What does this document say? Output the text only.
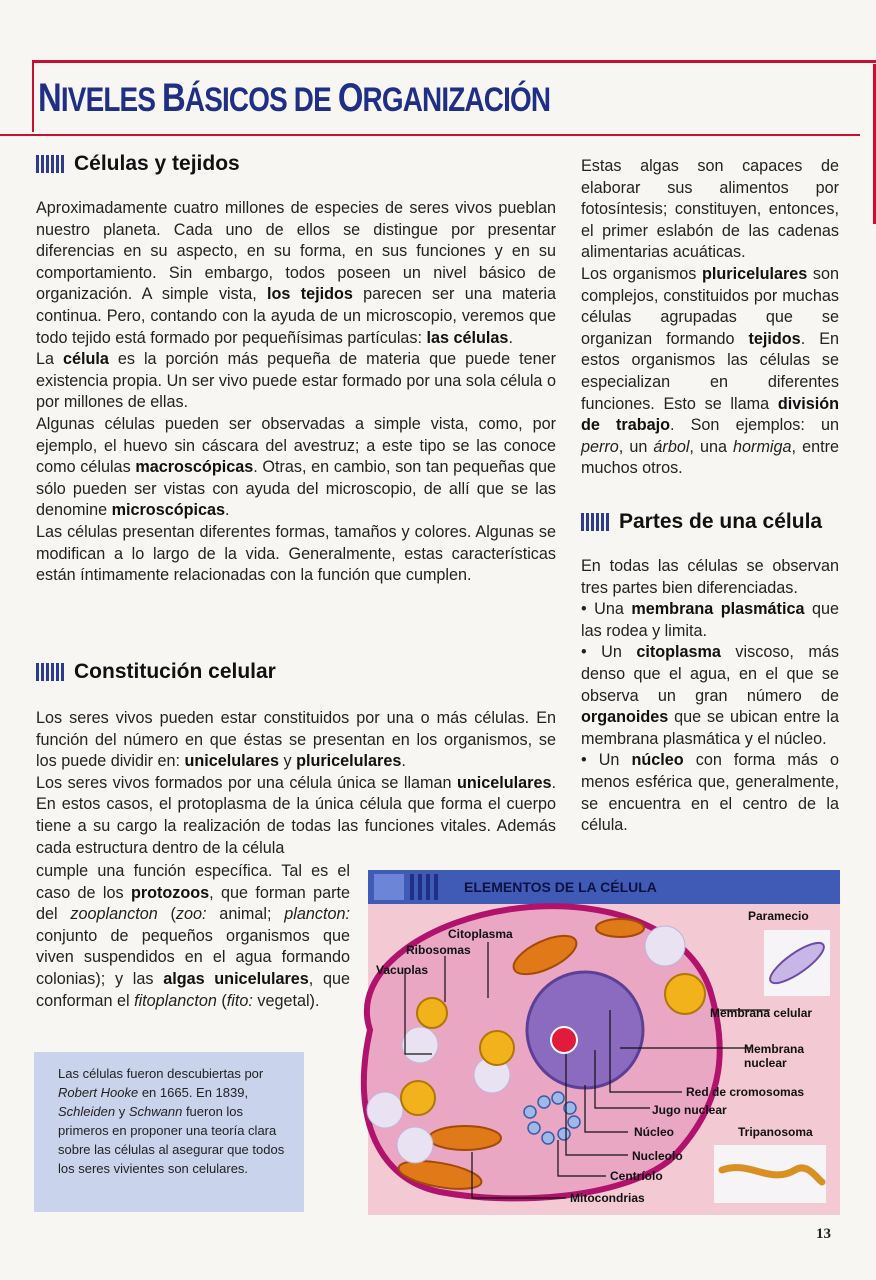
NIVELES BÁSICOS DE ORGANIZACIÓN
Células y tejidos

Aproximadamente cuatro millones de especies de seres vivos pueblan nuestro planeta. Cada uno de ellos se distingue por presentar diferencias en su aspecto, en su forma, en sus funciones y en su comportamiento. Sin embargo, todos poseen un nivel básico de organización. A simple vista, los tejidos parecen ser una materia continua. Pero, contando con la ayuda de un microscopio, veremos que todo tejido está formado por pequeñísimas partículas: las células.

La célula es la porción más pequeña de materia que puede tener existencia propia. Un ser vivo puede estar formado por una sola célula o por millones de ellas.

Algunas células pueden ser observadas a simple vista, como, por ejemplo, el huevo sin cáscara del avestruz; a este tipo se las conoce como células macroscópicas. Otras, en cambio, son tan pequeñas que sólo pueden ser vistas con ayuda del microscopio, de allí que se las denomine microscópicas.

Las células presentan diferentes formas, tamaños y colores. Algunas se modifican a lo largo de la vida. Generalmente, estas características están íntimamente relacionadas con la función que cumplen.

Constitución celular

Los seres vivos pueden estar constituidos por una o más células. En función del número en que éstas se presentan en los organismos, se los puede dividir en: unicelulares y pluricelulares.

Los seres vivos formados por una célula única se llaman unicelulares. En estos casos, el protoplasma de la única célula que forma el cuerpo tiene a su cargo la realización de todas las funciones vitales. Además cada estructura dentro de la célula

cumple una función específica. Tal es el caso de los protozoos, que forman parte del zooplancton (zoo: animal; plancton: conjunto de pequeños organismos que viven suspendidos en el agua formando colonias); y las algas unicelulares, que conforman el fitoplancton (fito: vegetal).

Las células fueron descubiertas por Robert Hooke en 1665. En 1839, Schleiden y Schwann fueron los primeros en proponer una teoría clara sobre las células al asegurar que todos los seres vivientes son celulares.

Estas algas son capaces de elaborar sus alimentos por fotosíntesis; constituyen, entonces, el primer eslabón de las cadenas alimentarias acuáticas.

Los organismos pluricelulares son complejos, constituidos por muchas células agrupadas que se organizan formando tejidos. En estos organismos las células se especializan en diferentes funciones. Esto se llama división de trabajo. Son ejemplos: un perro, un árbol, una hormiga, entre muchos otros.

Partes de una célula

En todas las células se observan tres partes bien diferenciadas.

• Una membrana plasmática que las rodea y limita.

• Un citoplasma viscoso, más denso que el agua, en el que se observa un gran número de organoides que se ubican entre la membrana plasmática y el núcleo.

• Un núcleo con forma más o menos esférica que, generalmente, se encuentra en el centro de la célula.

ELEMENTOS DE LA CÉLULA
Citoplasma
Ribosomas
Vacuolas
Paramecio
Membrana celular
Membrana
nuclear
Red de cromosomas
Jugo nuclear
Núcleo	Tripanosoma
Nucleolo
Centríolo
Mitocondrias
13
